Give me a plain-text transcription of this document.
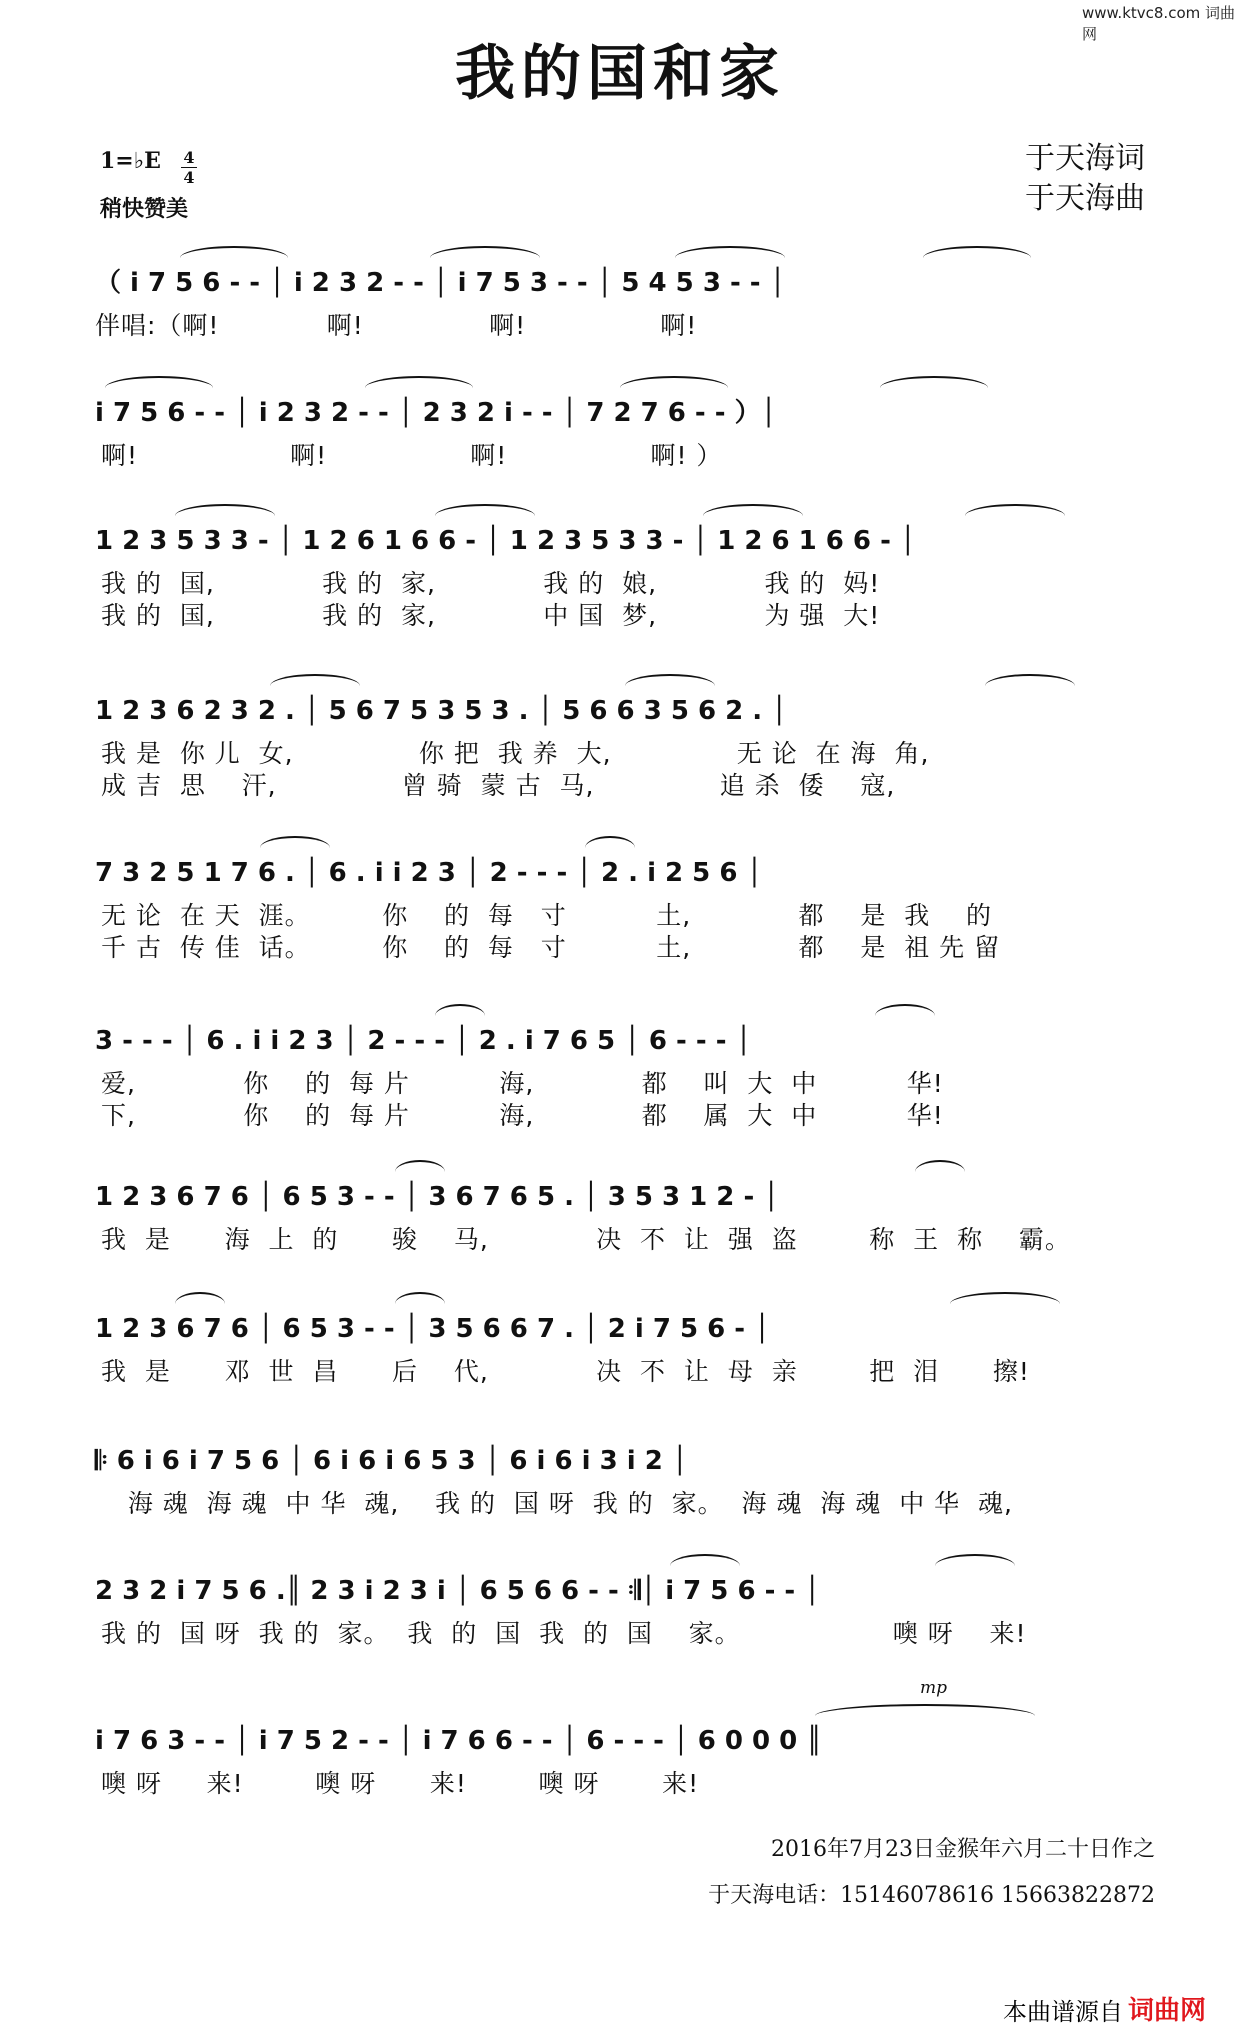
www.ktvc8.com 词曲网
我的国和家
1=♭E	4
4
稍快赞美
于天海词
于天海曲
（ i 7 5 6 - - │ i 2 3 2 - - │ i 7 5 3 - - │ 5 4 5 3 - - │
伴唱:（啊!            啊!              啊!               啊!
i 7 5 6 - - │ i 2 3 2 - - │ 2 3 2 i - - │ 7 2 7 6 - - ）│
啊!                 啊!                啊!                啊! ）
1 2 3 5 3 3 - │ 1 2 6 1 6 6 - │ 1 2 3 5 3 3 - │ 1 2 6 1 6 6 - │
我 的  国,            我 的  家,            我 的  娘,            我 的  妈!
我 的  国,            我 的  家,            中 国  梦,            为 强  大!
1 2 3 6 2 3 2 . │ 5 6 7 5 3 5 3 . │ 5 6 6 3 5 6 2 . │
我 是  你 儿  女,              你 把  我 养  大,              无 论  在 海  角,
成 吉  思    汗,              曾 骑  蒙 古  马,              追 杀  倭    寇,
7 3 2 5 1 7 6 . │ 6 . i i 2 3 │ 2 - - - │ 2 . i 2 5 6 │
无 论  在 天  涯。        你    的  每   寸          土,            都    是  我    的
千 古  传 佳  话。        你    的  每   寸          土,            都    是  祖 先 留
3 - - - │ 6 . i i 2 3 │ 2 - - - │ 2 . i 7 6 5 │ 6 - - - │
爱,            你    的  每 片          海,            都    叫  大  中          华!
下,            你    的  每 片          海,            都    属  大  中          华!
1 2 3 6 7 6 │ 6 5 3 - - │ 3 6 7 6 5 . │ 3 5 3 1 2 - │
我  是      海  上  的      骏    马,            决  不  让  强  盗        称  王  称    霸。
1 2 3 6 7 6 │ 6 5 3 - - │ 3 5 6 6 7 . │ 2 i 7 5 6 - │
我  是      邓  世  昌      后    代,            决  不  让  母  亲        把  泪      擦!
𝄆 6 i 6 i 7 5 6 │ 6 i 6 i 6 5 3 │ 6 i 6 i 3 i 2 │
海 魂  海 魂  中 华  魂,    我 的  国 呀  我 的  家。  海 魂  海 魂  中 华  魂,
2 3 2 i 7 5 6 .║ 2 3 i 2 3 i │ 6 5 6 6 - - 𝄇│ i 7 5 6 - - │
我 的  国 呀  我 的  家。  我  的  国  我  的  国    家。                 噢 呀    来!
i 7 6 3 - - │ i 7 5 2 - - │ i 7 6 6 - - │ 6 - - - │ 6 0 0 0 ║
mp
噢 呀     来!        噢 呀      来!        噢 呀       来!
2016年7月23日金猴年六月二十日作之
于天海电话：15146078616 15663822872
本曲谱源自 词曲网
